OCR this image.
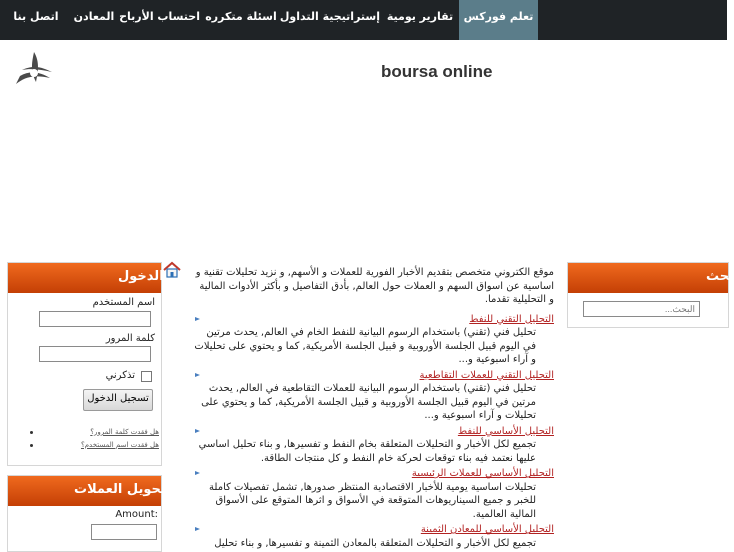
تعلم فوركس
تقارير يومية
إستراتيجية التداول
اسئلة متكرره
احتساب الأرباح
المعادن
اتصل بنا
boursa online
بحث
البحث...
الدخول
اسم المستخدم
كلمة المرور
تذكرني
تسجيل الدخول
هل فقدت كلمة المرور؟
هل فقدت اسم المستخدم؟
تحويل العملات
Amount:

موقع الكتروني متخصص بتقديم الأخبار الفورية للعملات و الأسهم, و نزيد تحليلات تقنية و اساسية عن اسواق السهم و العملات حول العالم, بأدق التفاصيل و بأكثر الأدوات المالية و التحليلية تقدما.

التحليل التقني للنفط
تحليل فني (تقني) باستخدام الرسوم البيانية للنفط الخام في العالم, يحدث مرتين في اليوم قبيل الجلسة الأوروبية و قبيل الجلسة الأمريكية, كما و يحتوي على تحليلات و آراء اسبوعية و...
التحليل التقني للعملات التقاطعية
تحليل فني (تقني) باستخدام الرسوم البيانية للعملات التقاطعية في العالم, يحدث مرتين في اليوم قبيل الجلسة الأوروبية و قبيل الجلسة الأمريكية, كما و يحتوي على تحليلات و آراء اسبوعية و...
التحليل الأساسي للنفط
تجميع لكل الأخبار و التحليلات المتعلقة بخام النفط و تفسيرها, و بناء تحليل اساسي عليها نعتمد فيه بناء توقعات لحركة خام النفط و كل منتجات الطاقة.
التحليل الأساسي للعملات الرئيسية
تحليلات اساسية يومية للأخبار الاقتصادية المنتظر صدورها, تشمل تفصيلات كاملة للخبر و جميع السيناريوهات المتوقعة في الأسواق و اثرها المتوقع على الأسواق المالية العالمية.
التحليل الأساسي للمعادن الثمينة
تجميع لكل الأخبار و التحليلات المتعلقة بالمعادن الثمينة و تفسيرها, و بناء تحليل
